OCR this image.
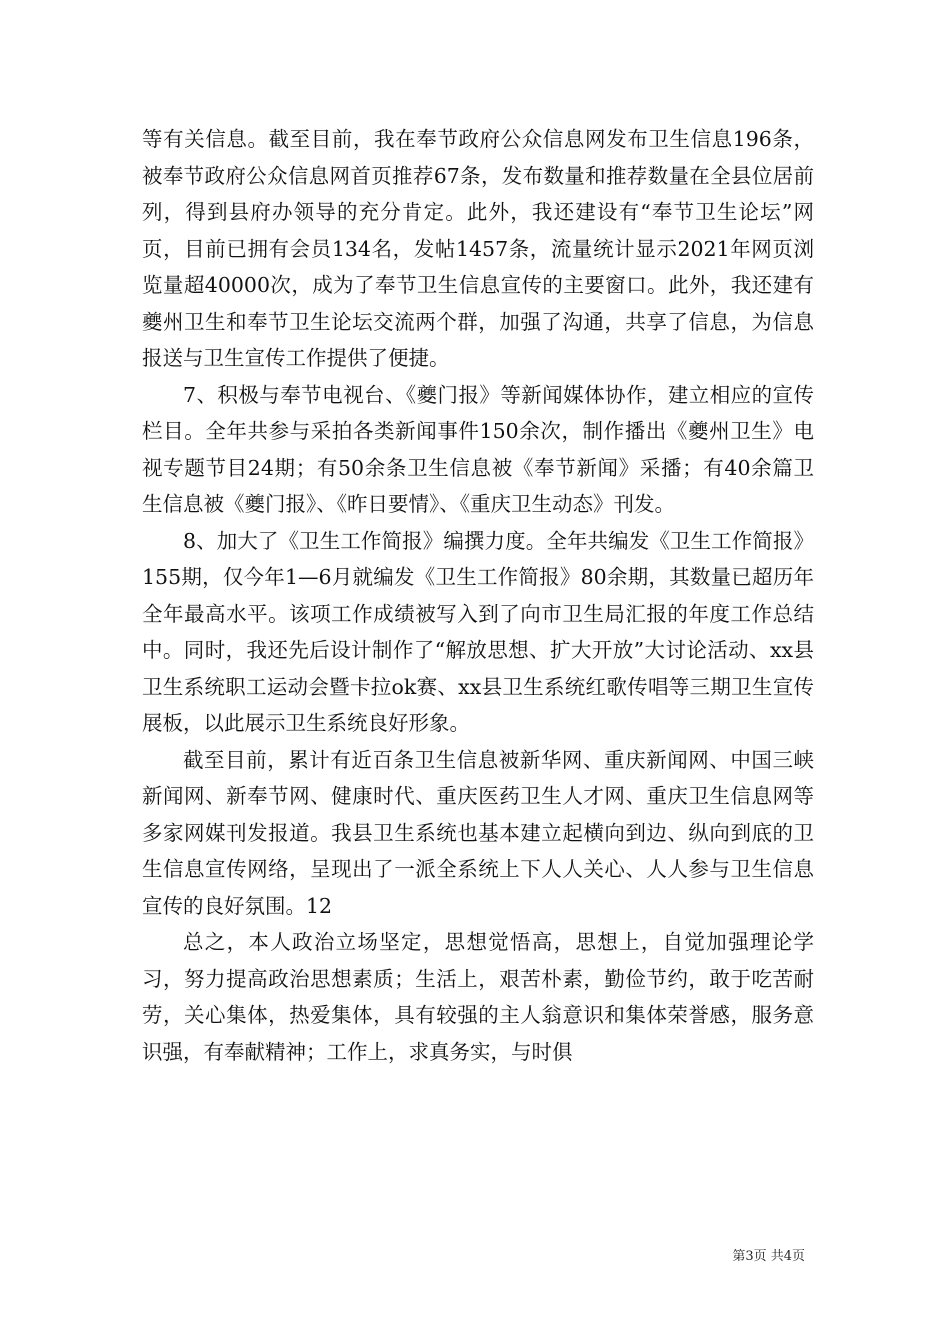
等有关信息。截至目前，我在奉节政府公众信息网发布卫生信息196条，被奉节政府公众信息网首页推荐67条，发布数量和推荐数量在全县位居前列，得到县府办领导的充分肯定。此外，我还建设有“奉节卫生论坛”网页，目前已拥有会员134名，发帖1457条，流量统计显示2021年网页浏览量超40000次，成为了奉节卫生信息宣传的主要窗口。此外，我还建有夔州卫生和奉节卫生论坛交流两个群，加强了沟通，共享了信息，为信息报送与卫生宣传工作提供了便捷。

7、积极与奉节电视台、《夔门报》等新闻媒体协作，建立相应的宣传栏目。全年共参与采拍各类新闻事件150余次，制作播出《夔州卫生》电视专题节目24期；有50余条卫生信息被《奉节新闻》采播；有40余篇卫生信息被《夔门报》、《昨日要情》、《重庆卫生动态》刊发。

8、加大了《卫生工作简报》编撰力度。全年共编发《卫生工作简报》155期，仅今年1—6月就编发《卫生工作简报》80余期，其数量已超历年全年最高水平。该项工作成绩被写入到了向市卫生局汇报的年度工作总结中。同时，我还先后设计制作了“解放思想、扩大开放”大讨论活动、xx县卫生系统职工运动会暨卡拉ok赛、xx县卫生系统红歌传唱等三期卫生宣传展板，以此展示卫生系统良好形象。

截至目前，累计有近百条卫生信息被新华网、重庆新闻网、中国三峡新闻网、新奉节网、健康时代、重庆医药卫生人才网、重庆卫生信息网等多家网媒刊发报道。我县卫生系统也基本建立起横向到边、纵向到底的卫生信息宣传网络，呈现出了一派全系统上下人人关心、人人参与卫生信息宣传的良好氛围。12

总之，本人政治立场坚定，思想觉悟高，思想上，自觉加强理论学习，努力提高政治思想素质；生活上，艰苦朴素，勤俭节约，敢于吃苦耐劳，关心集体，热爱集体，具有较强的主人翁意识和集体荣誉感，服务意识强，有奉献精神；工作上，求真务实，与时俱

第3页 共4页
